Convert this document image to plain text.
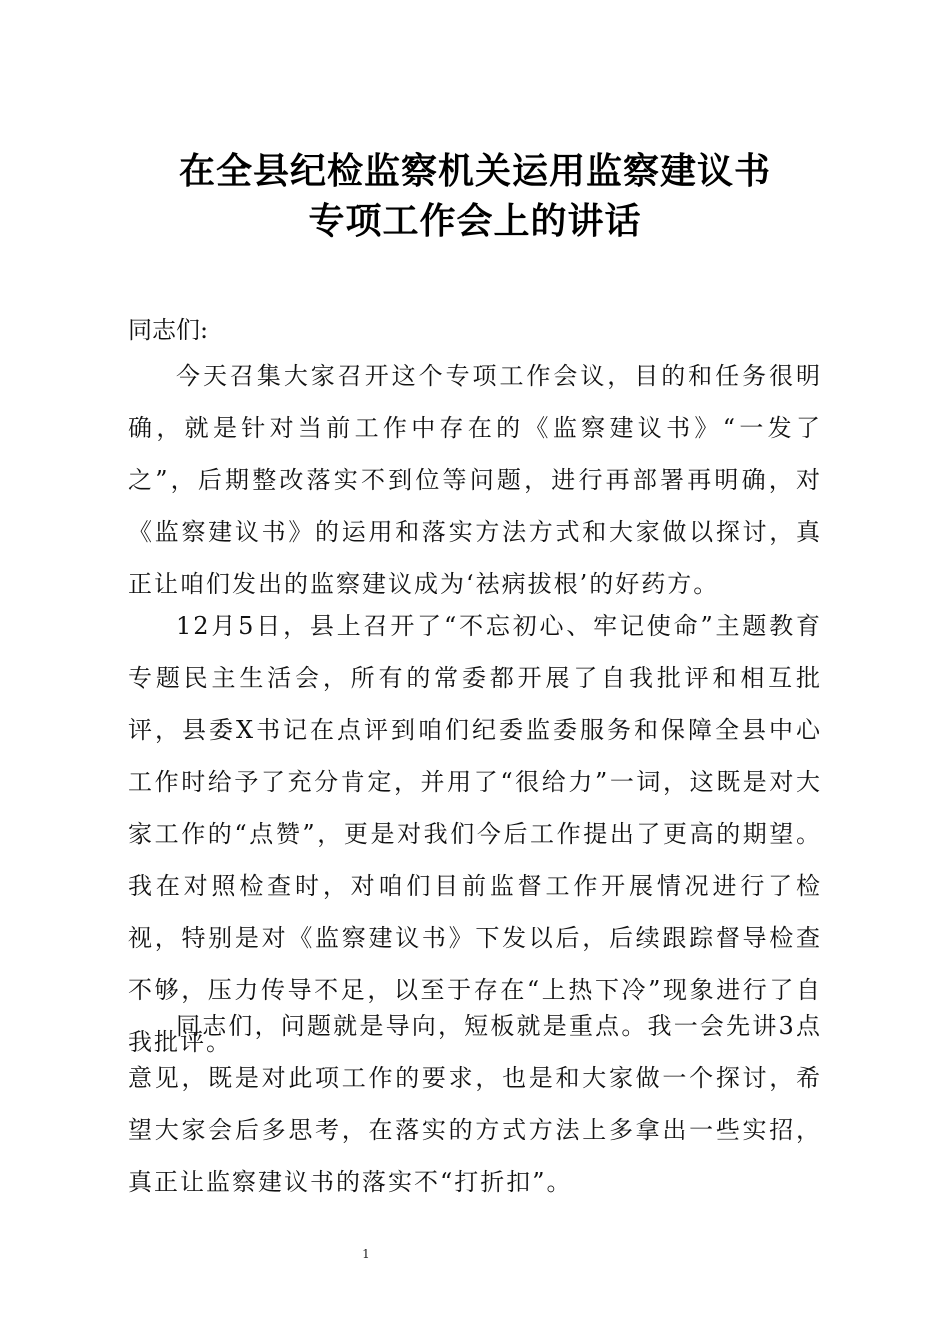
在全县纪检监察机关运用监察建议书
专项工作会上的讲话
同志们:
今天召集大家召开这个专项工作会议，目的和任务很明确，就是针对当前工作中存在的《监察建议书》“一发了之”，后期整改落实不到位等问题，进行再部署再明确，对《监察建议书》的运用和落实方法方式和大家做以探讨，真正让咱们发出的监察建议成为‘祛病拔根’的好药方。
12月5日，县上召开了“不忘初心、牢记使命”主题教育专题民主生活会，所有的常委都开展了自我批评和相互批评，县委X书记在点评到咱们纪委监委服务和保障全县中心工作时给予了充分肯定，并用了“很给力”一词，这既是对大家工作的“点赞”，更是对我们今后工作提出了更高的期望。我在对照检查时，对咱们目前监督工作开展情况进行了检视，特别是对《监察建议书》下发以后，后续跟踪督导检查不够，压力传导不足，以至于存在“上热下冷”现象进行了自我批评。
同志们，问题就是导向，短板就是重点。我一会先讲3点意见，既是对此项工作的要求，也是和大家做一个探讨，希望大家会后多思考，在落实的方式方法上多拿出一些实招，真正让监察建议书的落实不“打折扣”。
1
